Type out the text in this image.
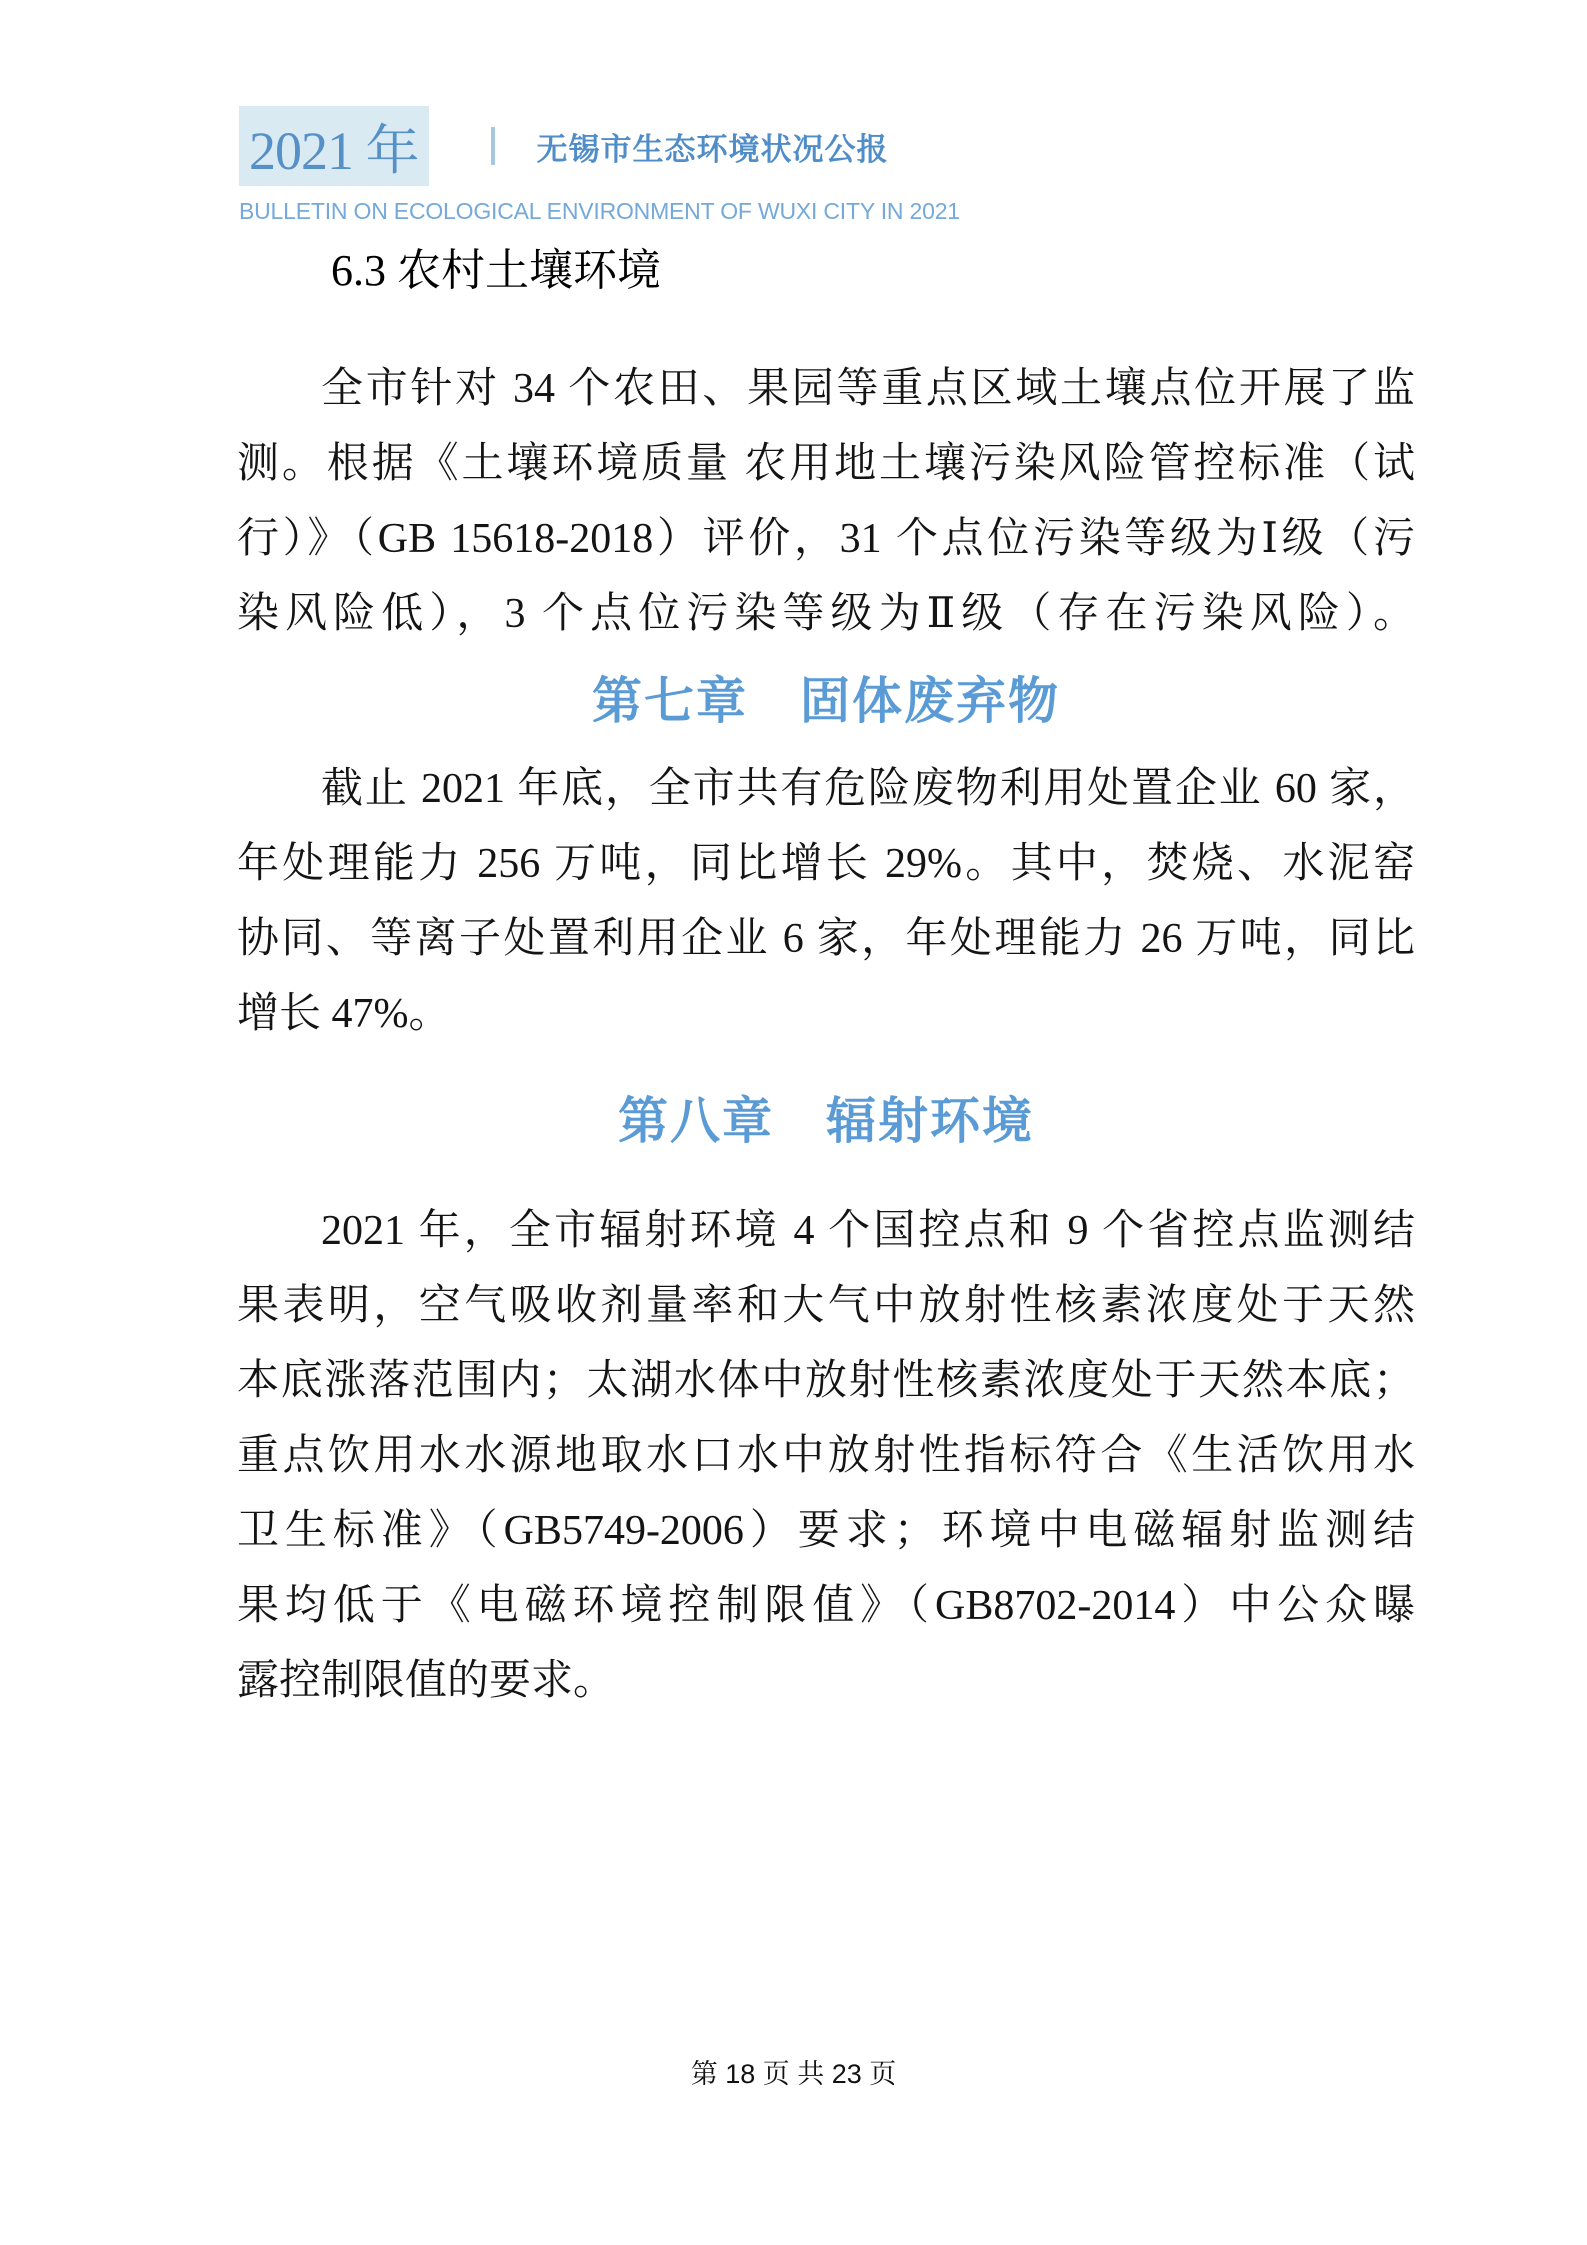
2021 年	无锡市生态环境状况公报
BULLETIN ON ECOLOGICAL ENVIRONMENT OF WUXI CITY IN 2021
6.3 农村土壤环境
全市针对 34 个农田、果园等重点区域土壤点位开展了监
测。根据《土壤环境质量 农用地土壤污染风险管控标准（试
行）》（GB 15618-2018）评价，31 个点位污染等级为Ⅰ级（污
染风险低），3 个点位污染等级为Ⅱ级（存在污染风险）。
第七章　固体废弃物
截止 2021 年底，全市共有危险废物利用处置企业 60 家，
年处理能力 256 万吨，同比增长 29%。其中，焚烧、水泥窑
协同、等离子处置利用企业 6 家，年处理能力 26 万吨，同比
增长 47%。
第八章　辐射环境
2021 年，全市辐射环境 4 个国控点和 9 个省控点监测结
果表明，空气吸收剂量率和大气中放射性核素浓度处于天然
本底涨落范围内；太湖水体中放射性核素浓度处于天然本底；
重点饮用水水源地取水口水中放射性指标符合《生活饮用水
卫生标准》（GB5749-2006）要求；环境中电磁辐射监测结
果均低于《电磁环境控制限值》（GB8702-2014）中公众曝
露控制限值的要求。
第 18 页 共 23 页
